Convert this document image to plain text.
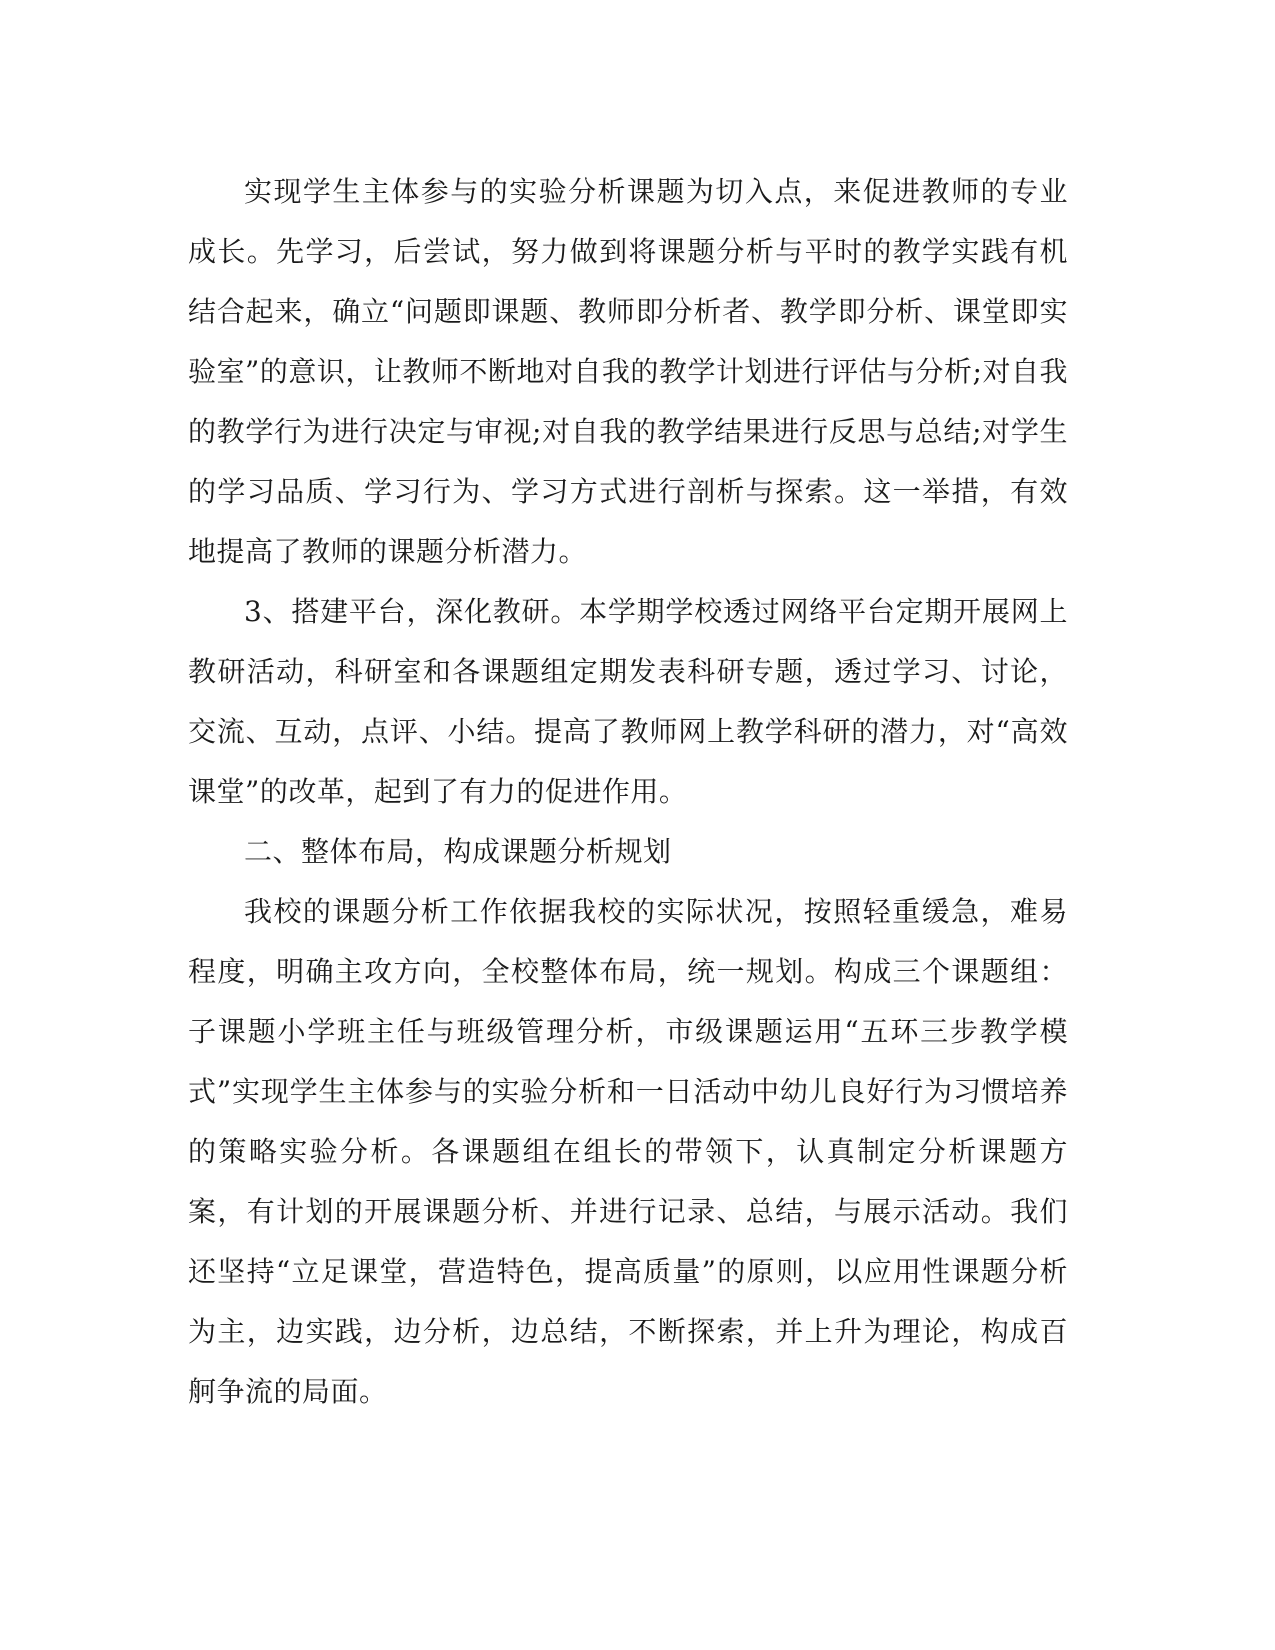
实现学生主体参与的实验分析课题为切入点，来促进教师的专业成长。先学习，后尝试，努力做到将课题分析与平时的教学实践有机结合起来，确立“问题即课题、教师即分析者、教学即分析、课堂即实验室”的意识，让教师不断地对自我的教学计划进行评估与分析;对自我的教学行为进行决定与审视;对自我的教学结果进行反思与总结;对学生的学习品质、学习行为、学习方式进行剖析与探索。这一举措，有效地提高了教师的课题分析潜力。

3、搭建平台，深化教研。本学期学校透过网络平台定期开展网上教研活动，科研室和各课题组定期发表科研专题，透过学习、讨论，交流、互动，点评、小结。提高了教师网上教学科研的潜力，对“高效课堂”的改革，起到了有力的促进作用。

二、整体布局，构成课题分析规划

我校的课题分析工作依据我校的实际状况，按照轻重缓急，难易程度，明确主攻方向，全校整体布局，统一规划。构成三个课题组：子课题小学班主任与班级管理分析，市级课题运用“五环三步教学模式”实现学生主体参与的实验分析和一日活动中幼儿良好行为习惯培养的策略实验分析。各课题组在组长的带领下，认真制定分析课题方案，有计划的开展课题分析、并进行记录、总结，与展示活动。我们还坚持“立足课堂，营造特色，提高质量”的原则，以应用性课题分析为主，边实践，边分析，边总结，不断探索，并上升为理论，构成百舸争流的局面。
